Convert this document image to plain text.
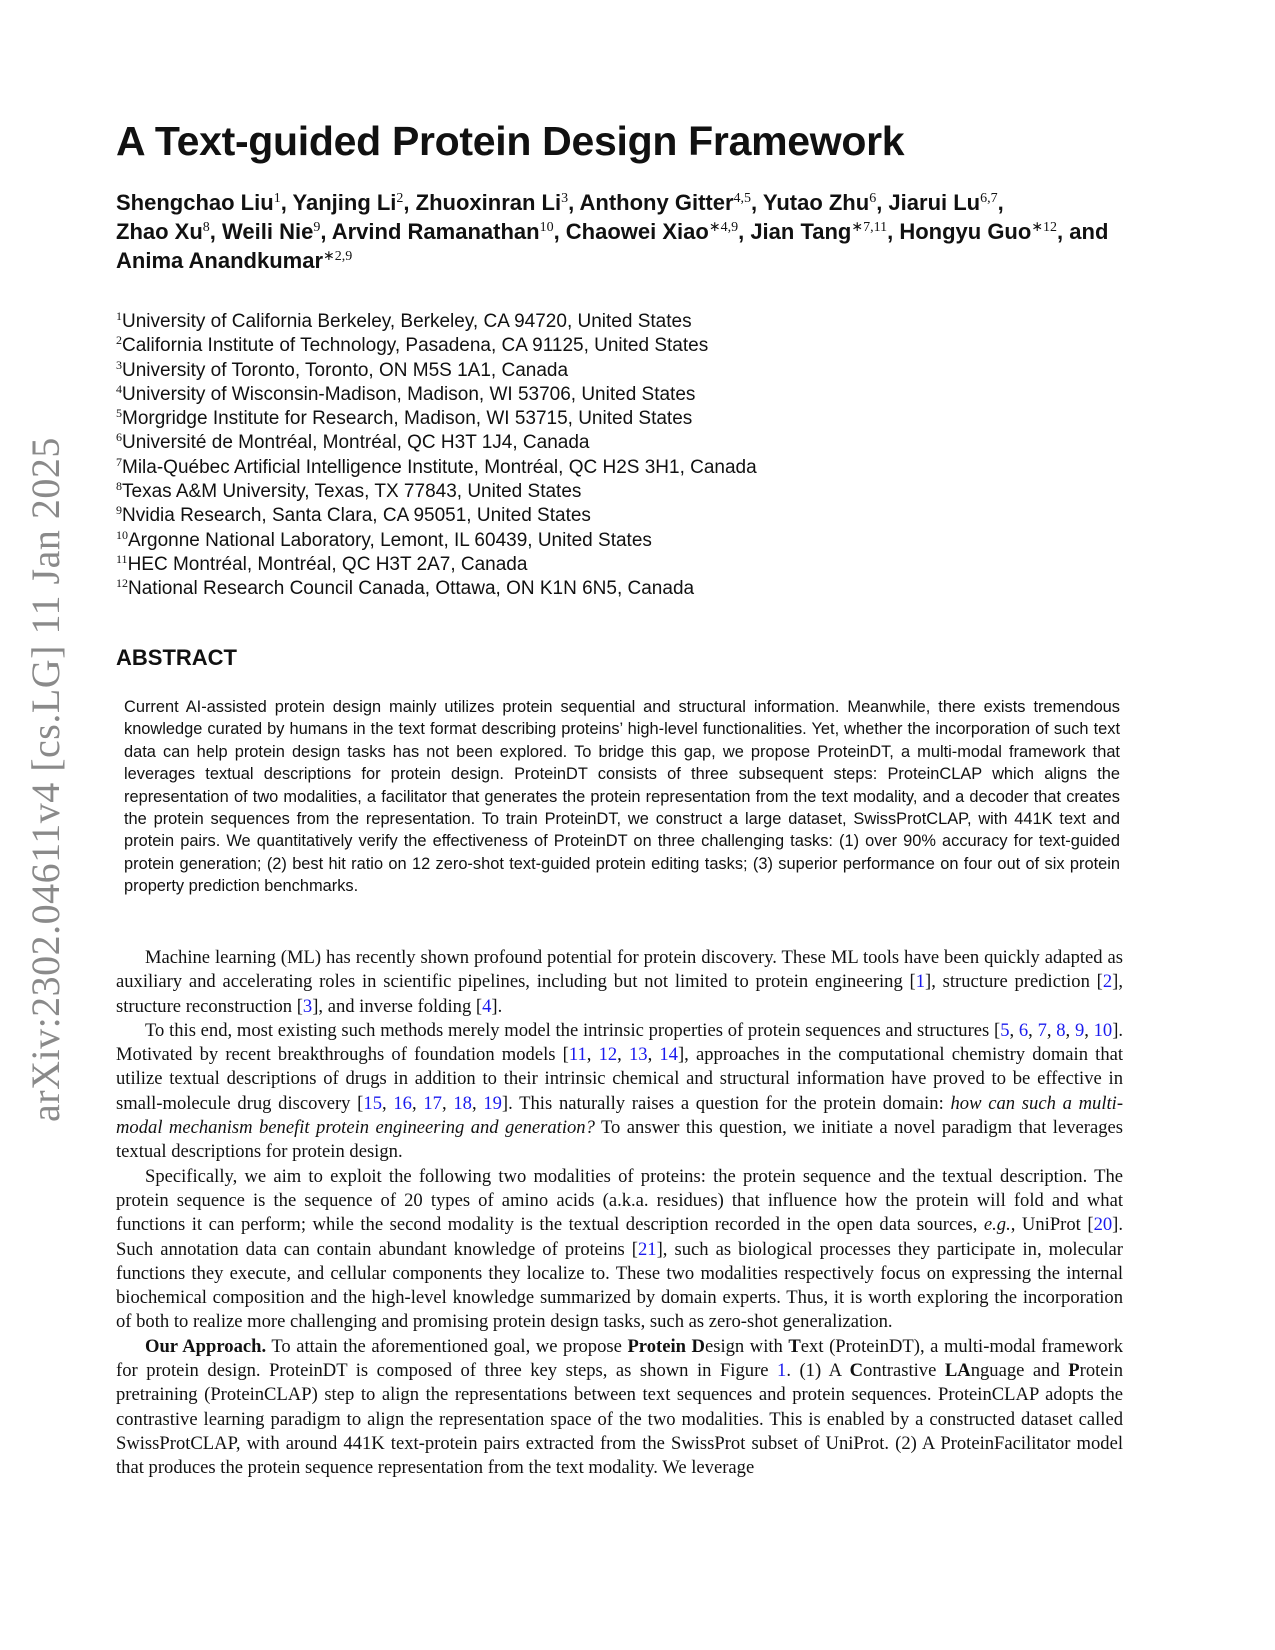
arXiv:2302.04611v4 [cs.LG] 11 Jan 2025
A Text-guided Protein Design Framework
Shengchao Liu$^1$, Yanjing Li$^2$, Zhuoxinran Li$^3$, Anthony Gitter$^{4,5}$, Yutao Zhu$^6$, Jiarui Lu$^{6,7}$,
Zhao Xu$^8$, Weili Nie$^9$, Arvind Ramanathan$^{10}$, Chaowei Xiao$^{∗4,9}$, Jian Tang$^{∗7,11}$, Hongyu Guo$^{∗12}$, and Anima Anandkumar$^{∗2,9}$
$^1$University of California Berkeley, Berkeley, CA 94720, United States
$^2$California Institute of Technology, Pasadena, CA 91125, United States
$^3$University of Toronto, Toronto, ON M5S 1A1, Canada
$^4$University of Wisconsin-Madison, Madison, WI 53706, United States
$^5$Morgridge Institute for Research, Madison, WI 53715, United States
$^6$Université de Montréal, Montréal, QC H3T 1J4, Canada
$^7$Mila-Québec Artificial Intelligence Institute, Montréal, QC H2S 3H1, Canada
$^8$Texas A&M University, Texas, TX 77843, United States
$^9$Nvidia Research, Santa Clara, CA 95051, United States
$^{10}$Argonne National Laboratory, Lemont, IL 60439, United States
$^{11}$HEC Montréal, Montréal, QC H3T 2A7, Canada
$^{12}$National Research Council Canada, Ottawa, ON K1N 6N5, Canada
ABSTRACT

Current AI-assisted protein design mainly utilizes protein sequential and structural information. Meanwhile, there exists tremendous knowledge curated by humans in the text format describing proteins’ high-level functionalities. Yet, whether the incorporation of such text data can help protein design tasks has not been explored. To bridge this gap, we propose ProteinDT, a multi-modal framework that leverages textual descriptions for protein design. ProteinDT consists of three subsequent steps: ProteinCLAP which aligns the representation of two modalities, a facilitator that generates the protein representation from the text modality, and a decoder that creates the protein sequences from the representation. To train ProteinDT, we construct a large dataset, SwissProtCLAP, with 441K text and protein pairs. We quantitatively verify the effectiveness of ProteinDT on three challenging tasks: (1) over 90% accuracy for text-guided protein generation; (2) best hit ratio on 12 zero-shot text-guided protein editing tasks; (3) superior performance on four out of six protein property prediction benchmarks.

Machine learning (ML) has recently shown profound potential for protein discovery. These ML tools have been quickly adapted as auxiliary and accelerating roles in scientific pipelines, including but not limited to protein engineering [1], structure prediction [2], structure reconstruction [3], and inverse folding [4].

To this end, most existing such methods merely model the intrinsic properties of protein sequences and structures [5, 6, 7, 8, 9, 10]. Motivated by recent breakthroughs of foundation models [11, 12, 13, 14], approaches in the computational chemistry domain that utilize textual descriptions of drugs in addition to their intrinsic chemical and structural information have proved to be effective in small-molecule drug discovery [15, 16, 17, 18, 19]. This naturally raises a question for the protein domain: how can such a multi-modal mechanism benefit protein engineering and generation? To answer this question, we initiate a novel paradigm that leverages textual descriptions for protein design.

Specifically, we aim to exploit the following two modalities of proteins: the protein sequence and the textual description. The protein sequence is the sequence of 20 types of amino acids (a.k.a. residues) that influence how the protein will fold and what functions it can perform; while the second modality is the textual description recorded in the open data sources, e.g., UniProt [20]. Such annotation data can contain abundant knowledge of proteins [21], such as biological processes they participate in, molecular functions they execute, and cellular components they localize to. These two modalities respectively focus on expressing the internal biochemical composition and the high-level knowledge summarized by domain experts. Thus, it is worth exploring the incorporation of both to realize more challenging and promising protein design tasks, such as zero-shot generalization.

Our Approach. To attain the aforementioned goal, we propose Protein Design with Text (ProteinDT), a multi-modal framework for protein design. ProteinDT is composed of three key steps, as shown in Figure 1. (1) A Contrastive LAnguage and Protein pretraining (ProteinCLAP) step to align the representations between text sequences and protein sequences. ProteinCLAP adopts the contrastive learning paradigm to align the representation space of the two modalities. This is enabled by a constructed dataset called SwissProtCLAP, with around 441K text-protein pairs extracted from the SwissProt subset of UniProt. (2) A ProteinFacilitator model that produces the protein sequence representation from the text modality. We leverage
